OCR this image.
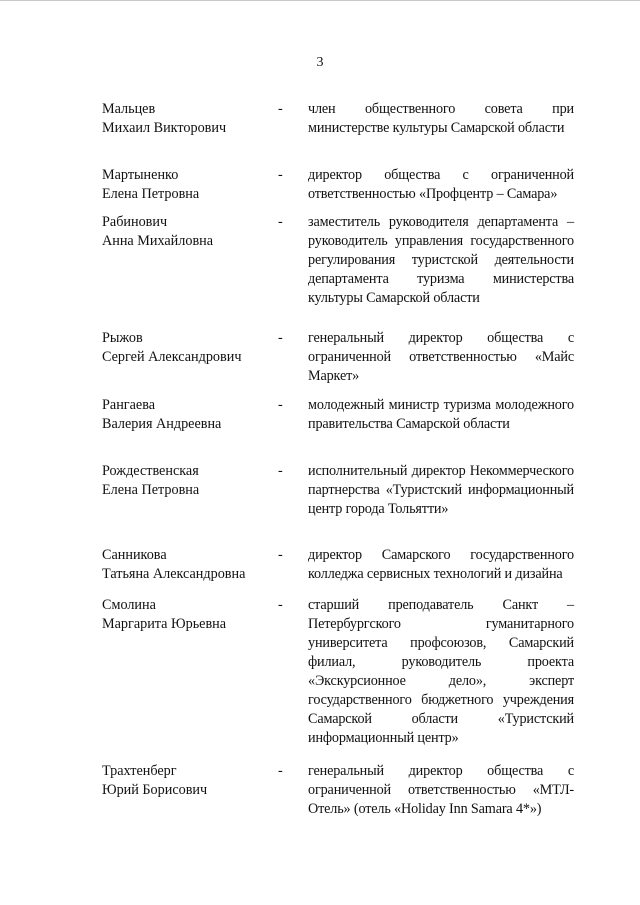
3
Мальцев
Михаил Викторович
- член общественного совета при министерстве культуры Самарской области
Мартыненко
Елена Петровна
- директор общества с ограниченной ответственностью «Профцентр – Самара»
Рабинович
Анна Михайловна
- заместитель руководителя департамента – руководитель управления государственного регулирования туристской деятельности департамента туризма министерства культуры Самарской области
Рыжов
Сергей Александрович
- генеральный директор общества с ограниченной ответственностью «Майс Маркет»
Рангаева
Валерия Андреевна
- молодежный министр туризма молодежного правительства Самарской области
Рождественская
Елена Петровна
- исполнительный директор Некоммерческого партнерства «Туристский информационный центр города Тольятти»
Санникова
Татьяна Александровна
- директор Самарского государственного колледжа сервисных технологий и дизайна
Смолина
Маргарита Юрьевна
- старший преподаватель Санкт – Петербургского гуманитарного университета профсоюзов, Самарский филиал, руководитель проекта «Экскурсионное дело», эксперт государственного бюджетного учреждения Самарской области «Туристский информационный центр»
Трахтенберг
Юрий Борисович
- генеральный директор общества с ограниченной ответственностью «МТЛ-Отель» (отель «Holiday Inn Samara 4*»)
